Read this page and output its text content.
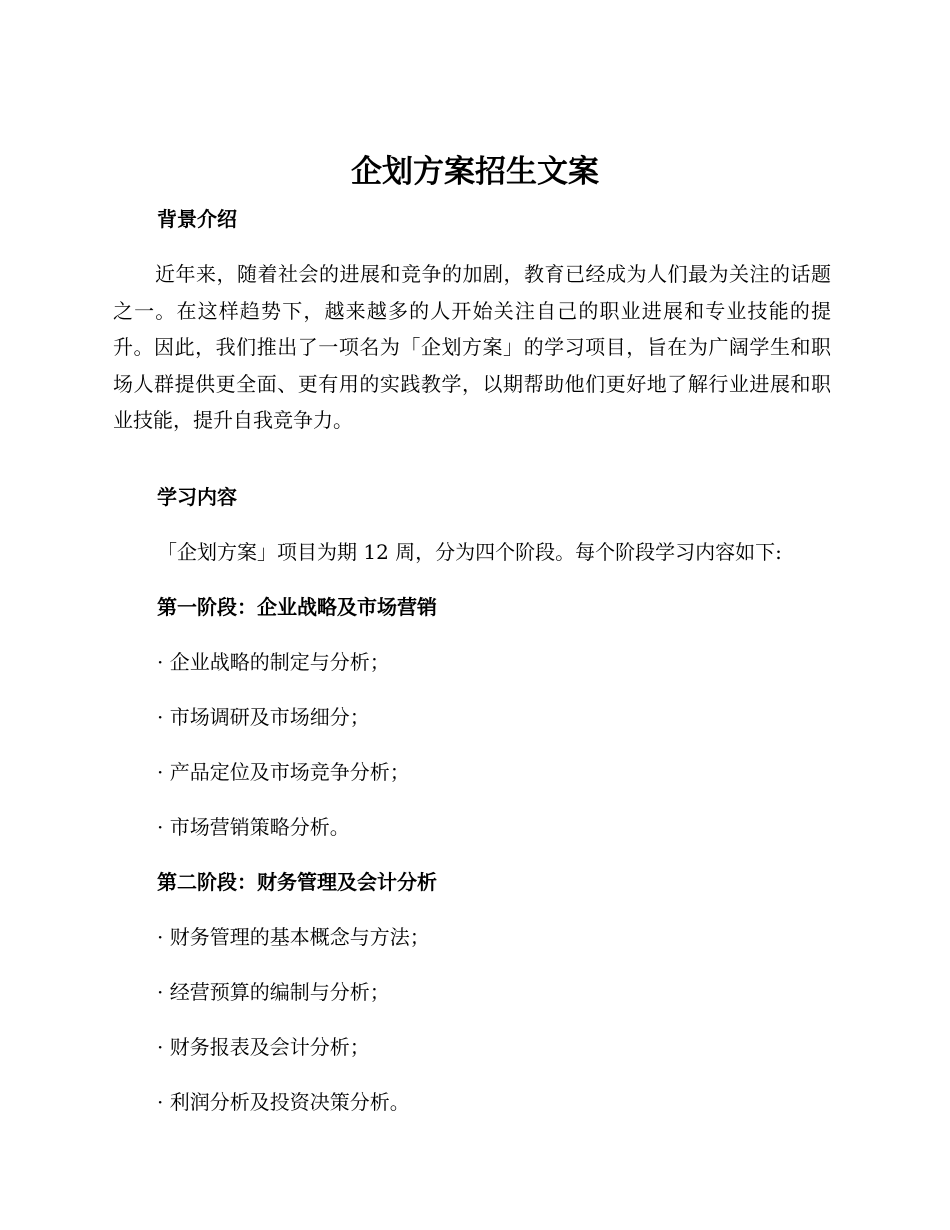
企划方案招生文案
背景介绍

近年来，随着社会的进展和竞争的加剧，教育已经成为人们最为关注的话题之一。在这样趋势下，越来越多的人开始关注自己的职业进展和专业技能的提升。因此，我们推出了一项名为「企划方案」的学习项目，旨在为广阔学生和职场人群提供更全面、更有用的实践教学，以期帮助他们更好地了解行业进展和职业技能，提升自我竞争力。

学习内容

「企划方案」项目为期 12 周，分为四个阶段。每个阶段学习内容如下:

第一阶段：企业战略及市场营销

· 企业战略的制定与分析；

· 市场调研及市场细分；

· 产品定位及市场竞争分析；

· 市场营销策略分析。

第二阶段：财务管理及会计分析

· 财务管理的基本概念与方法；

· 经营预算的编制与分析；

· 财务报表及会计分析；

· 利润分析及投资决策分析。
